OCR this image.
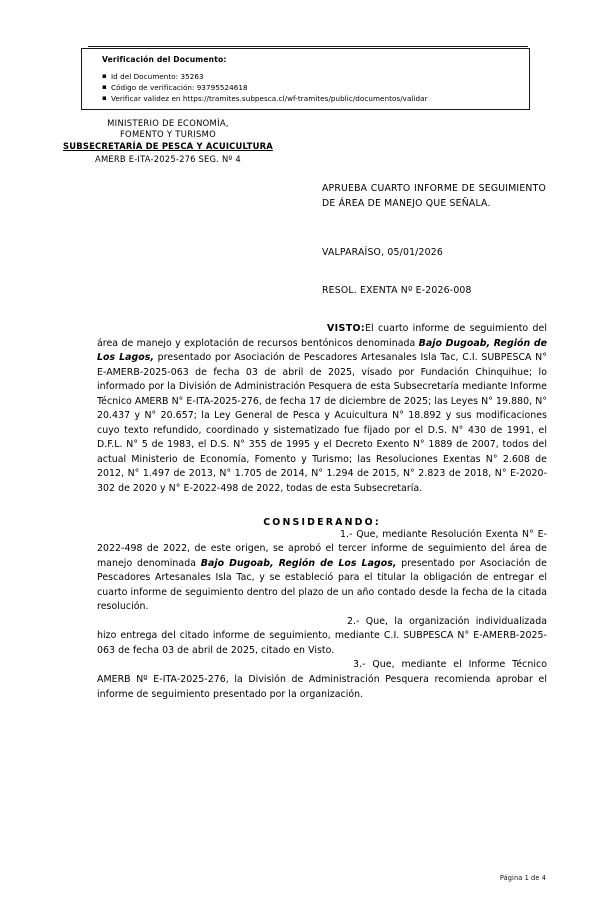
Verificación del Documento:
▪ Id del Documento: 35263
▪ Código de verificación: 93795524618
▪ Verificar validez en https://tramites.subpesca.cl/wf-tramites/public/documentos/validar
MINISTERIO DE ECONOMÍA,
FOMENTO Y TURISMO
SUBSECRETARÍA DE PESCA Y ACUICULTURA
AMERB E-ITA-2025-276 SEG. Nº 4
APRUEBA CUARTO INFORME DE SEGUIMIENTO DE ÁREA DE MANEJO QUE SEÑALA.
VALPARAÍSO, 05/01/2026
RESOL. EXENTA Nº E-2026-008

VISTO:El cuarto informe de seguimiento del área de manejo y explotación de recursos bentónicos denominada Bajo Dugoab, Región de Los Lagos, presentado por Asociación de Pescadores Artesanales Isla Tac, C.I. SUBPESCA N° E-AMERB-2025-063 de fecha 03 de abril de 2025, visado por Fundación Chinquihue; lo informado por la División de Administración Pesquera de esta Subsecretaría mediante Informe Técnico AMERB N° E-ITA-2025-276, de fecha 17 de diciembre de 2025; las Leyes N° 19.880, N° 20.437 y N° 20.657; la Ley General de Pesca y Acuicultura N° 18.892 y sus modificaciones cuyo texto refundido, coordinado y sistematizado fue fijado por el D.S. N° 430 de 1991, el D.F.L. N° 5 de 1983, el D.S. N° 355 de 1995 y el Decreto Exento N° 1889 de 2007, todos del actual Ministerio de Economía, Fomento y Turismo; las Resoluciones Exentas N° 2.608 de 2012, N° 1.497 de 2013, N° 1.705 de 2014, N° 1.294 de 2015, N° 2.823 de 2018, N° E-2020-302 de 2020 y N° E-2022-498 de 2022, todas de esta Subsecretaría.

CONSIDERANDO:

1.- Que, mediante Resolución Exenta N° E-2022-498 de 2022, de este origen, se aprobó el tercer informe de seguimiento del área de manejo denominada Bajo Dugoab, Región de Los Lagos, presentado por Asociación de Pescadores Artesanales Isla Tac, y se estableció para el titular la obligación de entregar el cuarto informe de seguimiento dentro del plazo de un año contado desde la fecha de la citada resolución.

2.- Que, la organización individualizada hizo entrega del citado informe de seguimiento, mediante C.I. SUBPESCA N° E-AMERB-2025-063 de fecha 03 de abril de 2025, citado en Visto.

3.- Que, mediante el Informe Técnico AMERB Nº E-ITA-2025-276, la División de Administración Pesquera recomienda aprobar el informe de seguimiento presentado por la organización.

Página 1 de 4
